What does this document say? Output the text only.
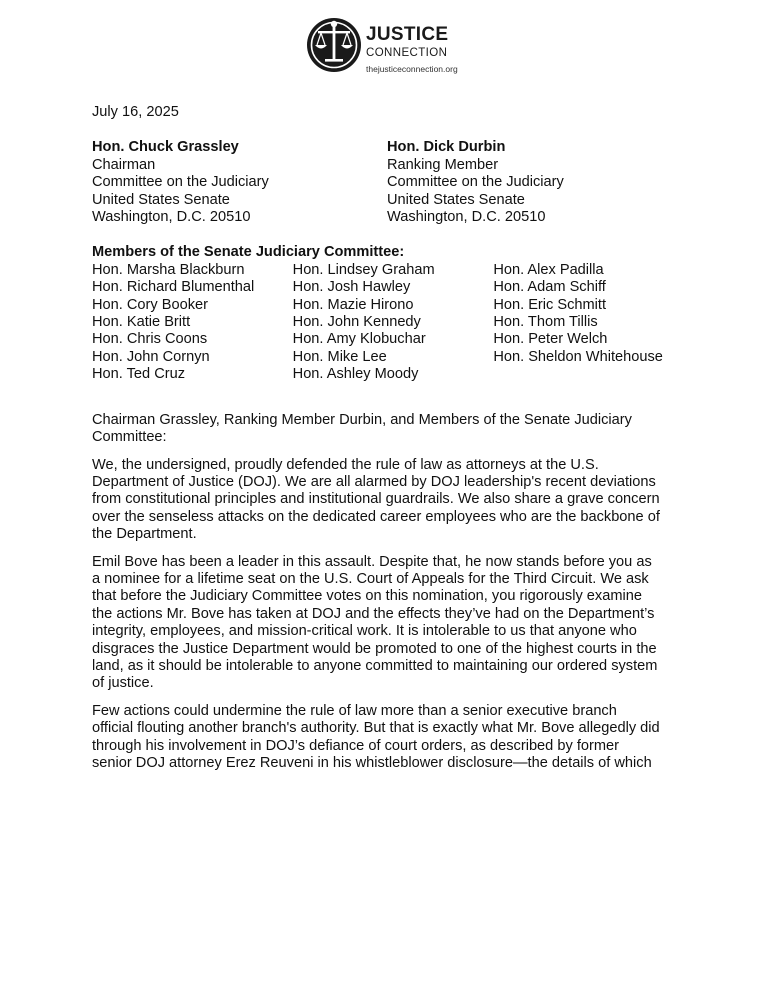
JUSTICE
CONNECTION
thejusticeconnection.org
July 16, 2025
Hon. Chuck Grassley
Chairman
Committee on the Judiciary
United States Senate
Washington, D.C. 20510
Hon. Dick Durbin
Ranking Member
Committee on the Judiciary
United States Senate
Washington, D.C. 20510
Members of the Senate Judiciary Committee:
Hon. Marsha Blackburn
Hon. Richard Blumenthal
Hon. Cory Booker
Hon. Katie Britt
Hon. Chris Coons
Hon. John Cornyn
Hon. Ted Cruz
Hon. Lindsey Graham
Hon. Josh Hawley
Hon. Mazie Hirono
Hon. John Kennedy
Hon. Amy Klobuchar
Hon. Mike Lee
Hon. Ashley Moody
Hon. Alex Padilla
Hon. Adam Schiff
Hon. Eric Schmitt
Hon. Thom Tillis
Hon. Peter Welch
Hon. Sheldon Whitehouse
Chairman Grassley, Ranking Member Durbin, and Members of the Senate Judiciary
Committee:
We, the undersigned, proudly defended the rule of law as attorneys at the U.S.
Department of Justice (DOJ). We are all alarmed by DOJ leadership's recent deviations
from constitutional principles and institutional guardrails. We also share a grave concern
over the senseless attacks on the dedicated career employees who are the backbone of
the Department.
Emil Bove has been a leader in this assault. Despite that, he now stands before you as
a nominee for a lifetime seat on the U.S. Court of Appeals for the Third Circuit. We ask
that before the Judiciary Committee votes on this nomination, you rigorously examine
the actions Mr. Bove has taken at DOJ and the effects they’ve had on the Department’s
integrity, employees, and mission-critical work. It is intolerable to us that anyone who
disgraces the Justice Department would be promoted to one of the highest courts in the
land, as it should be intolerable to anyone committed to maintaining our ordered system
of justice.
Few actions could undermine the rule of law more than a senior executive branch
official flouting another branch's authority. But that is exactly what Mr. Bove allegedly did
through his involvement in DOJ’s defiance of court orders, as described by former
senior DOJ attorney Erez Reuveni in his whistleblower disclosure—the details of which
